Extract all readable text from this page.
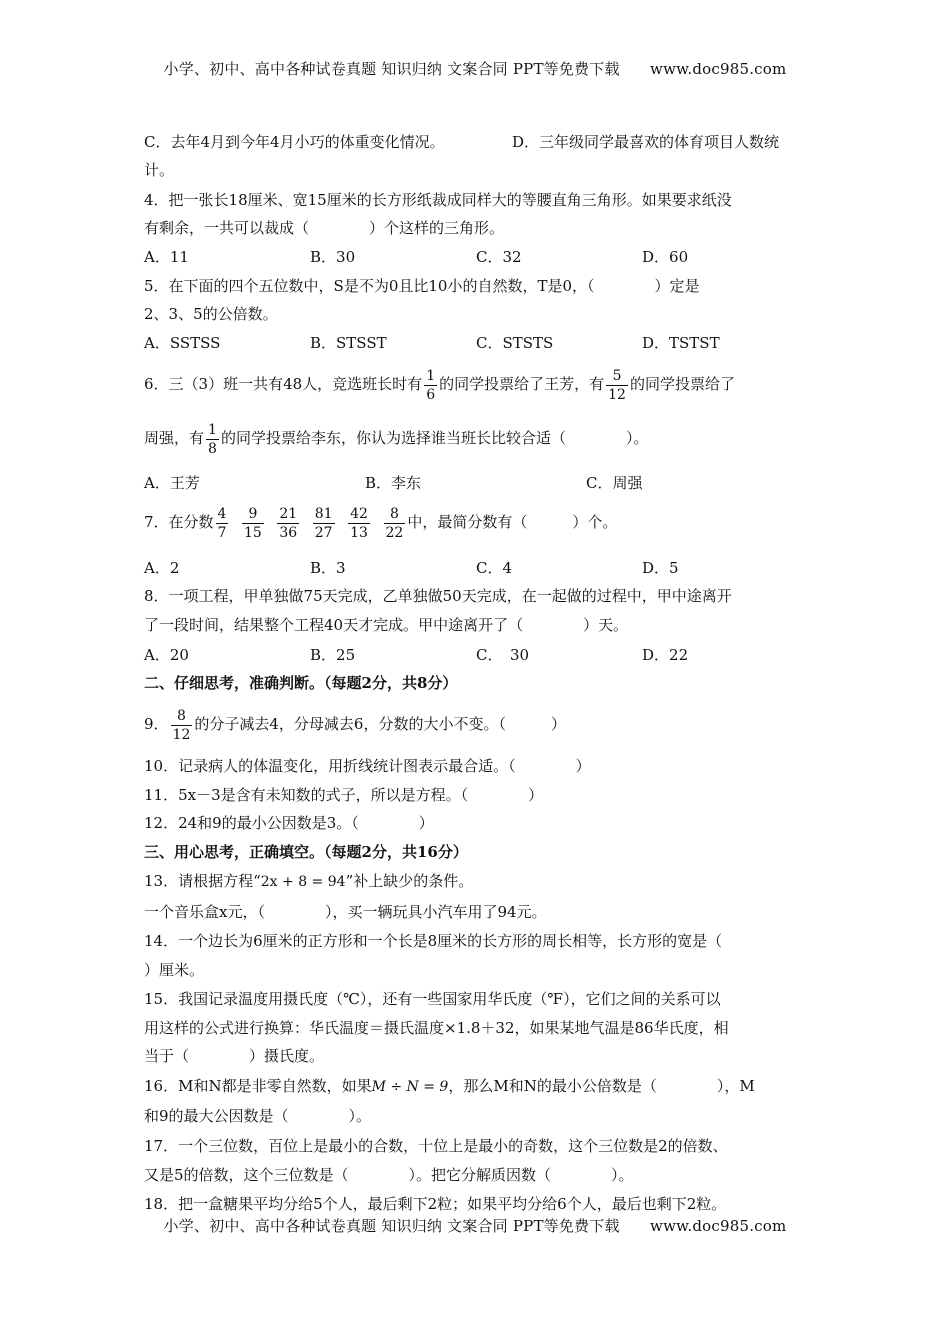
小学、初中、高中各种试卷真题 知识归纳 文案合同 PPT等免费下载　　www.doc985.com
C．去年4月到今年4月小巧的体重变化情况。	D．三年级同学最喜欢的体育项目人数统
计。
4．把一张长18厘米、宽15厘米的长方形纸裁成同样大的等腰直角三角形。如果要求纸没
有剩余，一共可以裁成（　　　　）个这样的三角形。
A．11	B．30	C．32	D．60
5．在下面的四个五位数中，S是不为0且比10小的自然数，T是0，（　　　　）定是
2、3、5的公倍数。
A．SSTSS	B．STSST	C．STSTS	D．TSTST
6．三（3）班一共有48人，竞选班长时有 $\frac{1}{6}$ 的同学投票给了王芳，有 $\frac{5}{12}$ 的同学投票给了
周强，有 $\frac{1}{8}$ 的同学投票给李东，你认为选择谁当班长比较合适（　　　　）。
A．王芳	B．李东	C．周强
7．在分数 $\frac{4}{7}$
$\frac{9}{15}$
$\frac{21}{36}$
$\frac{81}{27}$
$\frac{42}{13}$
$\frac{8}{22}$ 中，最简分数有（　　　）个。
A．2	B．3	C．4	D．5
8．一项工程，甲单独做75天完成，乙单独做50天完成，在一起做的过程中，甲中途离开
了一段时间，结果整个工程40天才完成。甲中途离开了（　　　　）天。
A．20	B．25	C．　30	D．22
二、仔细思考，准确判断。（每题2分，共8分）
9． $\frac{8}{12}$ 的分子减去4，分母减去6，分数的大小不变。（　　　）
10．记录病人的体温变化，用折线统计图表示最合适。（　　　　）
11．5x－3是含有未知数的式子，所以是方程。（　　　　）
12．24和9的最小公因数是3。（　　　　）
三、用心思考，正确填空。（每题2分，共16分）
13．请根据方程“2x + 8 = 94”补上缺少的条件。
一个音乐盒x元，（　　　　），买一辆玩具小汽车用了94元。
14．一个边长为6厘米的正方形和一个长是8厘米的长方形的周长相等，长方形的宽是（
）厘米。
15．我国记录温度用摄氏度（℃），还有一些国家用华氏度（℉），它们之间的关系可以
用这样的公式进行换算：华氏温度＝摄氏温度×1.8＋32，如果某地气温是86华氏度，相
当于（　　　　）摄氏度。
16．M和N都是非零自然数，如果M ÷ N = 9，那么M和N的最小公倍数是（　　　　），M
和9的最大公因数是（　　　　）。
17．一个三位数，百位上是最小的合数，十位上是最小的奇数，这个三位数是2的倍数、
又是5的倍数，这个三位数是（　　　　）。把它分解质因数（　　　　）。
18．把一盒糖果平均分给5个人，最后剩下2粒；如果平均分给6个人，最后也剩下2粒。
小学、初中、高中各种试卷真题 知识归纳 文案合同 PPT等免费下载　　www.doc985.com
